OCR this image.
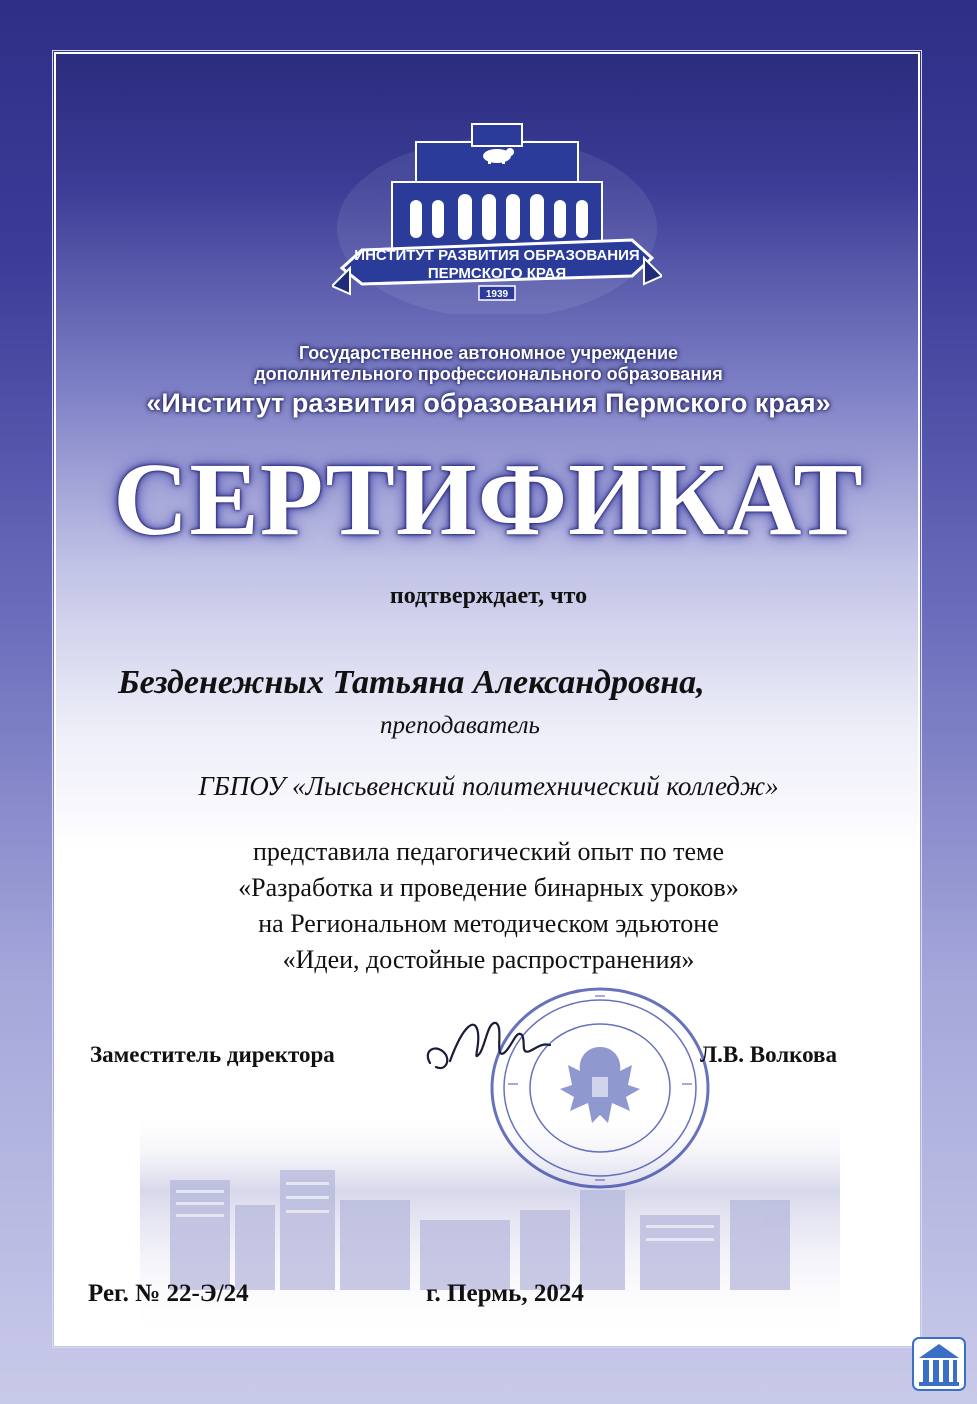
ИНСТИТУТ РАЗВИТИЯ ОБРАЗОВАНИЯ
ПЕРМСКОГО КРАЯ
1939
Государственное автономное учреждение
дополнительного профессионального образования
«Институт развития образования Пермского края»
СЕРТИФИКАТ
подтверждает, что
Безденежных Татьяна Александровна,
преподаватель
ГБПОУ «Лысьвенский политехнический колледж»
представила педагогический опыт по теме
«Разработка и проведение бинарных уроков»
на Региональном методическом эдьютоне
«Идеи, достойные распространения»
Заместитель директора	Л.В. Волкова
Рег. № 22-Э/24	г. Пермь, 2024
